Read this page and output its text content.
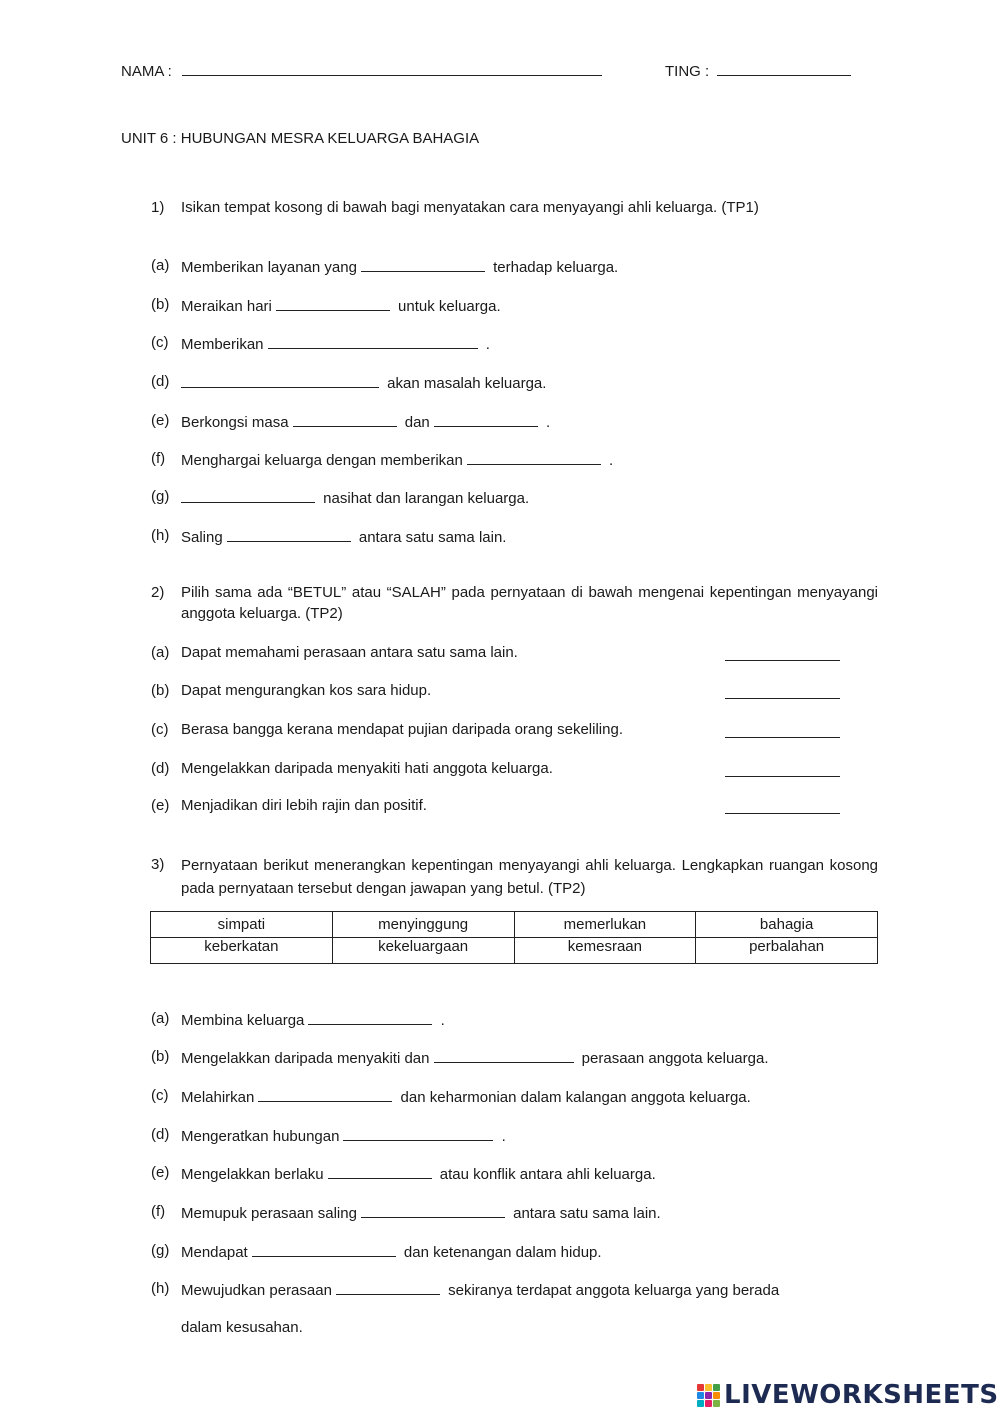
NAMA :	TING :
UNIT 6 : HUBUNGAN MESRA KELUARGA BAHAGIA
1) Isikan tempat kosong di bawah bagi menyatakan cara menyayangi ahli keluarga. (TP1)
(a) Memberikan layanan yang	terhadap keluarga.
(b) Meraikan hari	untuk keluarga.
(c) Memberikan	.
(d)	akan masalah keluarga.
(e) Berkongsi masa	dan	.
(f) Menghargai keluarga dengan memberikan	.
(g)	nasihat dan larangan keluarga.
(h) Saling	antara satu sama lain.
2) Pilih sama ada “BETUL” atau “SALAH” pada pernyataan di bawah mengenai kepentingan menyayangi anggota keluarga. (TP2)
(a) Dapat memahami perasaan antara satu sama lain.
(b) Dapat mengurangkan kos sara hidup.
(c) Berasa bangga kerana mendapat pujian daripada orang sekeliling.
(d) Mengelakkan daripada menyakiti hati anggota keluarga.
(e) Menjadikan diri lebih rajin dan positif.
3) Pernyataan berikut menerangkan kepentingan menyayangi ahli keluarga. Lengkapkan ruangan kosong pada pernyataan tersebut dengan jawapan yang betul. (TP2)
simpati	menyinggung	memerlukan	bahagia
keberkatan	kekeluargaan	kemesraan	perbalahan
(a) Membina keluarga	.
(b) Mengelakkan daripada menyakiti dan	perasaan anggota keluarga.
(c) Melahirkan	dan keharmonian dalam kalangan anggota keluarga.
(d) Mengeratkan hubungan	.
(e) Mengelakkan berlaku	atau konflik antara ahli keluarga.
(f) Memupuk perasaan saling	antara satu sama lain.
(g) Mendapat	dan ketenangan dalam hidup.
(h) Mewujudkan perasaan	sekiranya terdapat anggota keluarga yang berada
dalam kesusahan.
LIVEWORKSHEETS
